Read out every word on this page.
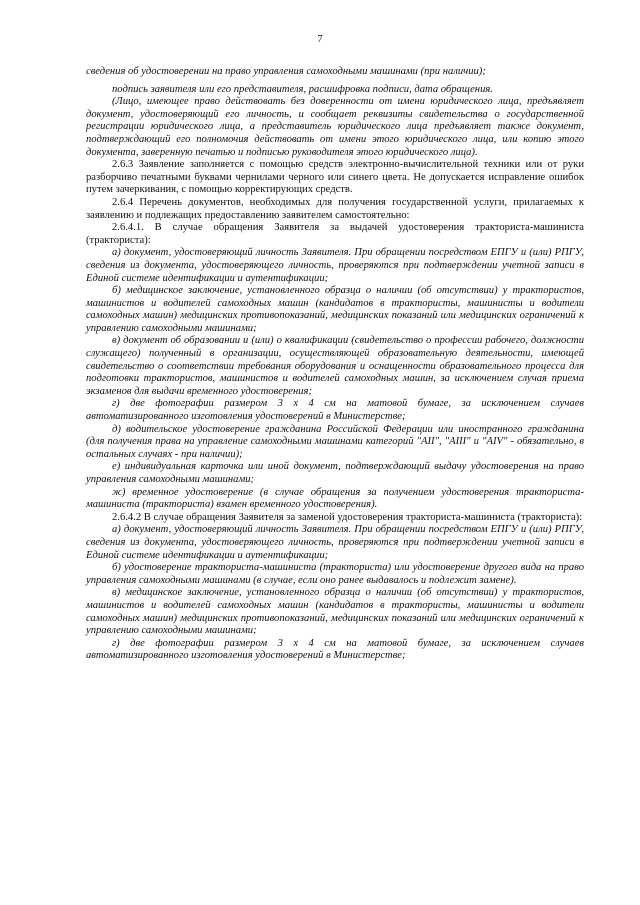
7

сведения об удостоверении на право управления самоходными машинами (при наличии);

подпись заявителя или его представителя, расшифровка подписи, дата обращения.

(Лицо, имеющее право действовать без доверенности от имени юридического лица, предъявляет документ, удостоверяющий его личность, и сообщает реквизиты свидетельства о государственной регистрации юридического лица, а представитель юридического лица предъявляет также документ, подтверждающий его полномочия действовать от имени этого юридического лица, или копию этого документа, заверенную печатью и подписью руководителя этого юридического лица).

2.6.3 Заявление заполняется с помощью средств электронно-вычислительной техники или от руки разборчиво печатными буквами чернилами черного или синего цвета. Не допускается исправление ошибок путем зачеркивания, с помощью корректирующих средств.

2.6.4 Перечень документов, необходимых для получения государственной услуги, прилагаемых к заявлению и подлежащих предоставлению заявителем самостоятельно:

2.6.4.1. В случае обращения Заявителя за выдачей удостоверения тракториста-машиниста (тракториста):

а) документ, удостоверяющий личность Заявителя. При обращении посредством ЕПГУ и (или) РПГУ, сведения из документа, удостоверяющего личность, проверяются при подтверждении учетной записи в Единой системе идентификации и аутентификации;

б) медицинское заключение, установленного образца о наличии (об отсутствии) у трактористов, машинистов и водителей самоходных машин (кандидатов в трактористы, машинисты и водители самоходных машин) медицинских противопоказаний, медицинских показаний или медицинских ограничений к управлению самоходными машинами;

в) документ об образовании и (или) о квалификации (свидетельство о профессии рабочего, должности служащего) полученный в организации, осуществляющей образовательную деятельности, имеющей свидетельство о соответствии требования оборудования и оснащенности образовательного процесса для подготовки трактористов, машинистов и водителей самоходных машин, за исключением случая приема экзаменов для выдачи временного удостоверения;

г) две фотографии размером 3 х 4 см на матовой бумаге, за исключением случаев автоматизированного изготовления удостоверений в Министерстве;

д) водительское удостоверение гражданина Российской Федерации или иностранного гражданина (для получения права на управление самоходными машинами категорий "AII", "AIII" и "AIV" - обязательно, в остальных случаях - при наличии);

е) индивидуальная карточка или иной документ, подтверждающий выдачу удостоверения на право управления самоходными машинами;

ж) временное удостоверение (в случае обращения за получением удостоверения тракториста-машиниста (тракториста) взамен временного удостоверения).

2.6.4.2 В случае обращения Заявителя за заменой удостоверения тракториста-машиниста (тракториста):

а) документ, удостоверяющий личность Заявителя. При обращении посредством ЕПГУ и (или) РПГУ, сведения из документа, удостоверяющего личность, проверяются при подтверждении учетной записи в Единой системе идентификации и аутентификации;

б) удостоверение тракториста-машиниста (тракториста) или удостоверение другого вида на право управления самоходными машинами (в случае, если оно ранее выдавалось и подлежит замене).

в) медицинское заключение, установленного образца о наличии (об отсутствии) у трактористов, машинистов и водителей самоходных машин (кандидатов в трактористы, машинисты и водители самоходных машин) медицинских противопоказаний, медицинских показаний или медицинских ограничений к управлению самоходными машинами;

г) две фотографии размером 3 х 4 см на матовой бумаге, за исключением случаев автоматизированного изготовления удостоверений в Министерстве;
